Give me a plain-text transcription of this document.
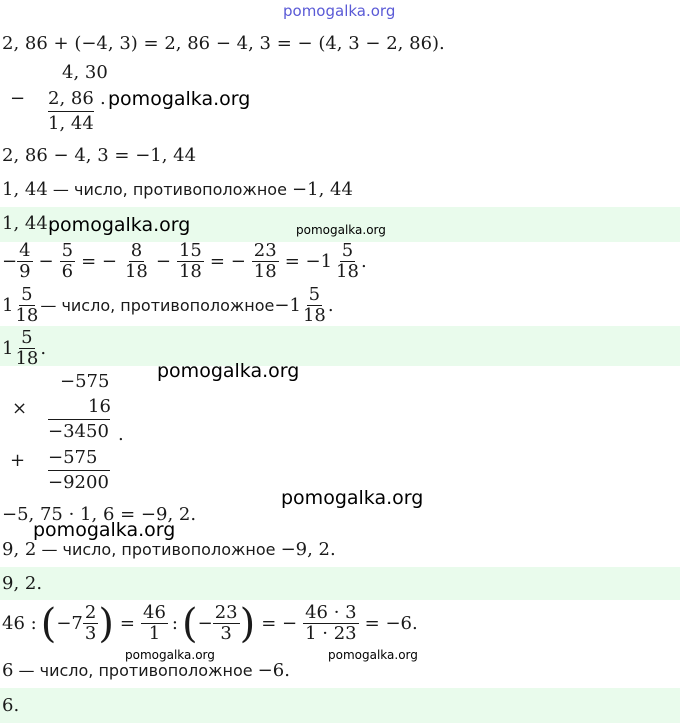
pomogalka.org
2, 86 + (−4, 3) = 2, 86 − 4, 3 = − (4, 3 − 2, 86).
4, 30
− 2, 86
1, 44
. pomogalka.org
2, 86 − 4, 3 = −1, 44
1, 44 — число, противоположное −1, 44
1, 44.
pomogalka.org	pomogalka.org
− $\frac{4}{9} - \frac{5}{6}$ = − $\frac{8}{18} - \frac{15}{18}$ = − $\frac{23}{18} = -1 \frac{5}{18}$ .
$1 \frac{5}{18}$ — число, противоположное $-1 \frac{5}{18}$ .
$1 \frac{5}{18}$ .
−575	pomogalka.org
×	16
−3450 .
+ −575
−9200
pomogalka.org
−5, 75 · 1, 6 = −9, 2.
pomogalka.org
9, 2 — число, противоположное −9, 2.
9, 2.
46 : ( $-7 \frac{2}{3}$ ) = $\frac{46}{1}$ : ( − $\frac{23}{3}$ ) = − $\frac{46 \cdot 3}{1 \cdot 23} = -6$.
pomogalka.org	pomogalka.org
6 — число, противоположное −6.
6.
